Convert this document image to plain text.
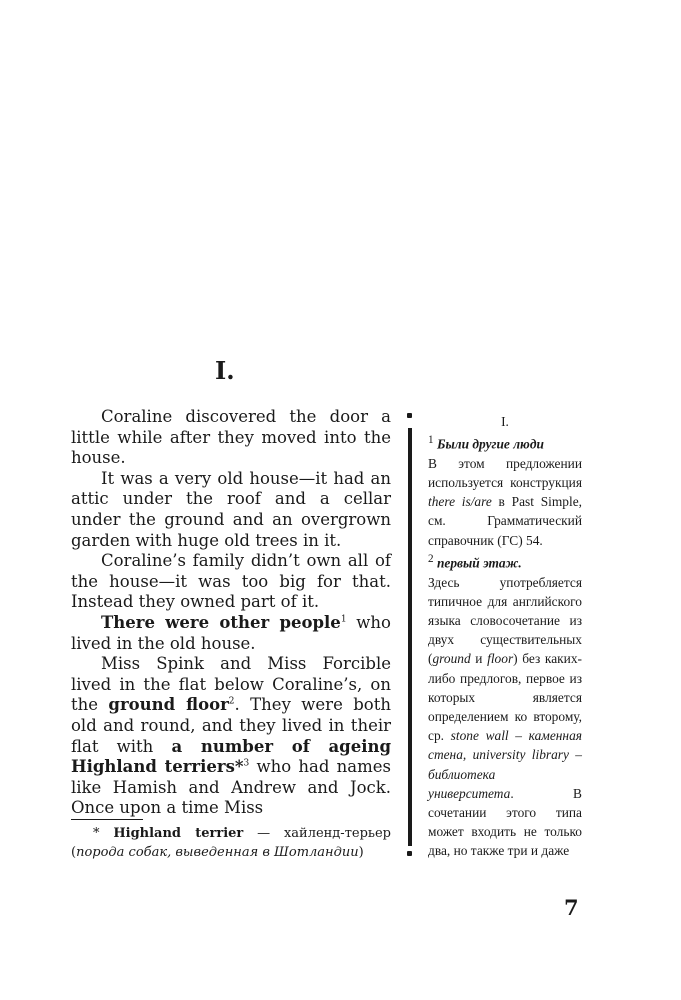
I.

Coraline discovered the door a little while after they moved into the house.

It was a very old house—it had an attic under the roof and a cellar under the ground and an overgrown garden with huge old trees in it.

Coraline’s family didn’t own all of the house—it was too big for that. Instead they owned part of it.

There were other people$^1$ who lived in the old house.

Miss Spink and Miss Forcible lived in the flat below Coraline’s, on the ground floor$^2$. They were both old and round, and they lived in their flat with a number of ageing Highland terriers*$^3$ who had names like Hamish and Andrew and Jock. Once upon a time Miss

* Highland terrier — хайленд-терьер (порода собак, выведенная в Шотландии)

I.

$^1$ Были другие люди

В этом предложении используется конструкция there is/are в Past Simple, см. Грамматический справочник (ГС) 54.

$^2$ первый этаж.

Здесь употребляется типичное для английского языка словосочетание из двух существительных (ground и floor) без каких-либо предлогов, первое из которых является определением ко второму, ср. stone wall – каменная стена, university library – библиотека университета. В сочетании этого типа может входить не только два, но также три и даже

7
